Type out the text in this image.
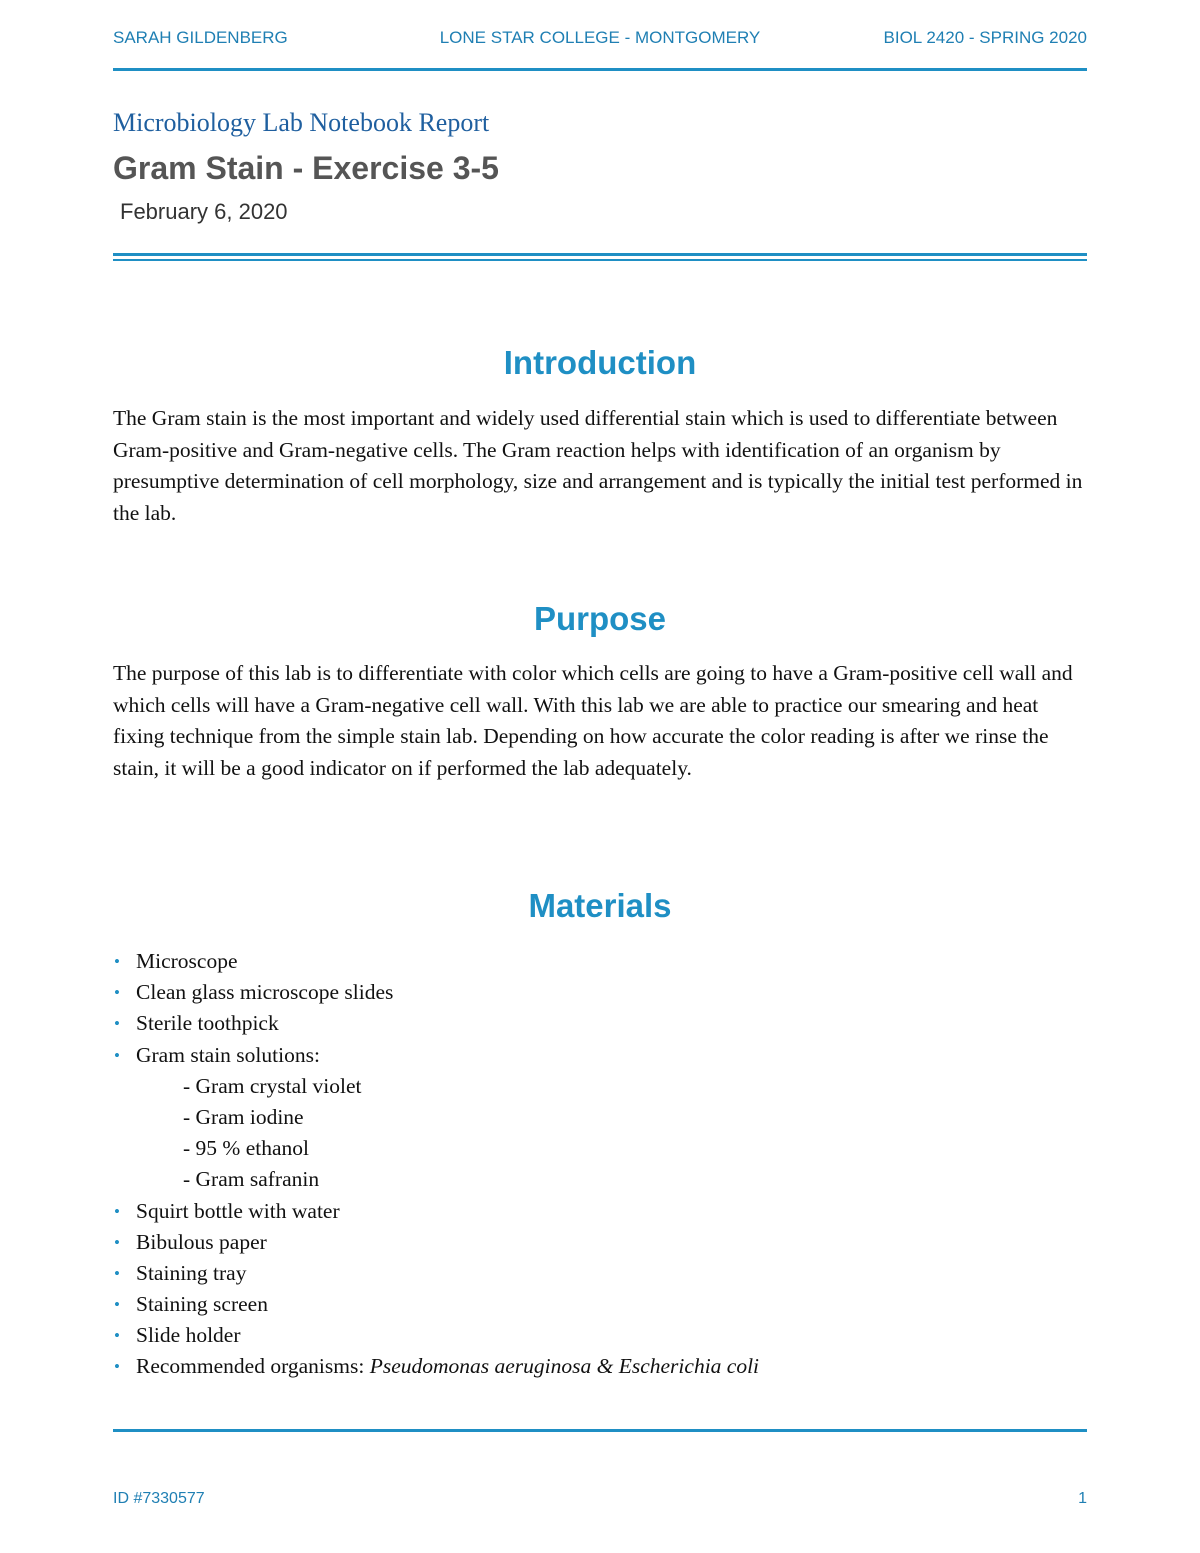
SARAH GILDENBERG	LONE STAR COLLEGE - MONTGOMERY	BIOL 2420 - SPRING 2020
Microbiology Lab Notebook Report
Gram Stain - Exercise 3-5
February 6, 2020
Introduction
The Gram stain is the most important and widely used differential stain which is used to differentiate between Gram-positive and Gram-negative cells. The Gram reaction helps with identification of an organism by presumptive determination of cell morphology, size and arrangement and is typically the initial test performed in the lab.
Purpose
The purpose of this lab is to differentiate with color which cells are going to have a Gram-positive cell wall and which cells will have a Gram-negative cell wall. With this lab we are able to practice our smearing and heat fixing technique from the simple stain lab. Depending on how accurate the color reading is after we rinse the stain, it will be a good indicator on if performed the lab adequately.
Materials
• Microscope
• Clean glass microscope slides
• Sterile toothpick
• Gram stain solutions:
- Gram crystal violet
- Gram iodine
- 95 % ethanol
- Gram safranin
• Squirt bottle with water
• Bibulous paper
• Staining tray
• Staining screen
• Slide holder
• Recommended organisms: Pseudomonas aeruginosa & Escherichia coli
ID #7330577	1
